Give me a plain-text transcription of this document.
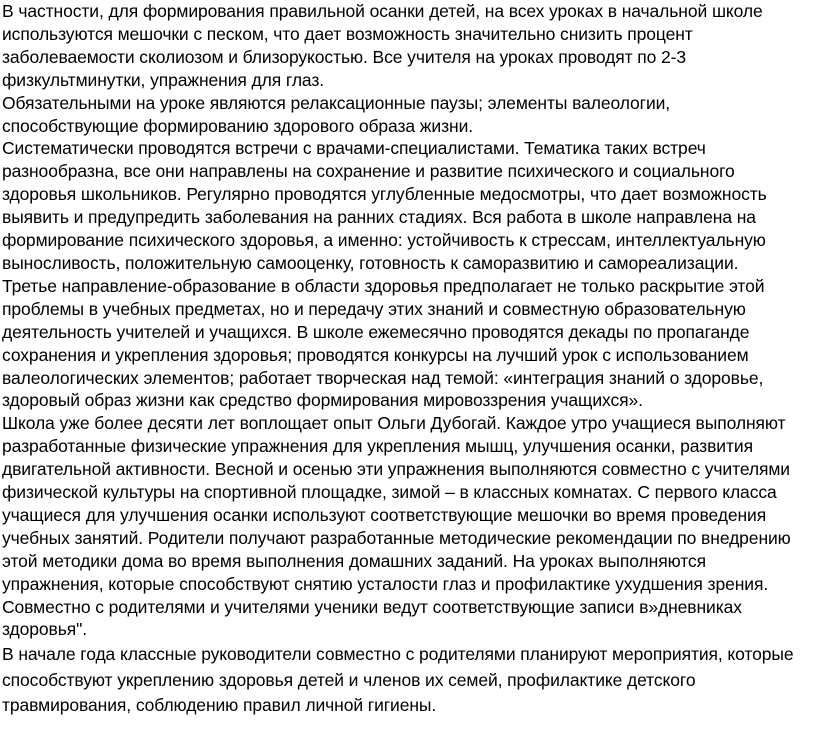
В частности, для формирования правильной осанки детей, на всех уроках в начальной школе
используются мешочки с песком, что дает возможность значительно снизить процент
заболеваемости сколиозом и близорукостью. Все учителя на уроках проводят по 2-3
физкультминутки, упражнения для глаз.

Обязательными на уроке являются релаксационные паузы; элементы валеологии,
способствующие формированию здорового образа жизни.

Систематически проводятся встречи с врачами-специалистами. Тематика таких встреч
разнообразна, все они направлены на сохранение и развитие психического и социального
здоровья школьников. Регулярно проводятся углубленные медосмотры, что дает возможность
выявить и предупредить заболевания на ранних стадиях. Вся работа в школе направлена на
формирование психического здоровья, а именно: устойчивость к стрессам, интеллектуальную
выносливость, положительную самооценку, готовность к саморазвитию и самореализации.

Третье направление-образование в области здоровья предполагает не только раскрытие этой
проблемы в учебных предметах, но и передачу этих знаний и совместную образовательную
деятельность учителей и учащихся. В школе ежемесячно проводятся декады по пропаганде
сохранения и укрепления здоровья; проводятся конкурсы на лучший урок с использованием
валеологических элементов; работает творческая над темой: «интеграция знаний о здоровье,
здоровый образ жизни как средство формирования мировоззрения учащихся».

Школа уже более десяти лет воплощает опыт Ольги Дубогай. Каждое утро учащиеся выполняют
разработанные физические упражнения для укрепления мышц, улучшения осанки, развития
двигательной активности. Весной и осенью эти упражнения выполняются совместно с учителями
физической культуры на спортивной площадке, зимой – в классных комнатах. С первого класса
учащиеся для улучшения осанки используют соответствующие мешочки во время проведения
учебных занятий. Родители получают разработанные методические рекомендации по внедрению
этой методики дома во время выполнения домашних заданий. На уроках выполняются
упражнения, которые способствуют снятию усталости глаз и профилактике ухудшения зрения.
Совместно с родителями и учителями ученики ведут соответствующие записи в»дневниках
здоровья".

В начале года классные руководители совместно с родителями планируют мероприятия, которые
способствуют укреплению здоровья детей и членов их семей, профилактике детского
травмирования, соблюдению правил личной гигиены.
